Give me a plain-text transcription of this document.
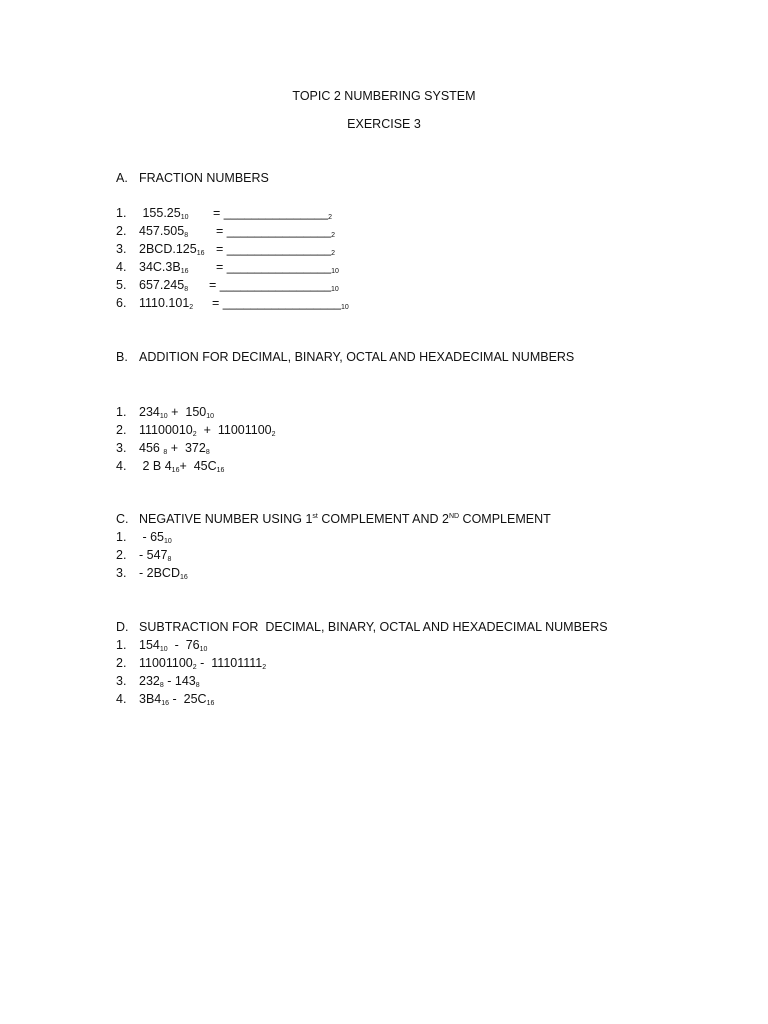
TOPIC 2 NUMBERING SYSTEM
EXERCISE 3
A. FRACTION NUMBERS
1. $155.25_{10}$ = $\_\_\_\_\_\_\_\_\_\_\_\_\_\_\__2$
2. $457.505_8$ = $\_\_\_\_\_\_\_\_\_\_\_\_\_\_\__2$
3. $2BCD.125_{16}$ = $\_\_\_\_\_\_\_\_\_\_\_\_\_\_\__2$
4. $34C.3B_{16}$ = $\_\_\_\_\_\_\_\_\_\_\_\_\_\_\__{10}$
5. $657.245_8$ = $\_\_\_\_\_\_\_\_\_\_\_\_\_\_\_\__{10}$
6. $1110.101_2$ = $\_\_\_\_\_\_\_\_\_\_\_\_\_\_\_\_\__{10}$
B. ADDITION FOR DECIMAL, BINARY, OCTAL AND HEXADECIMAL NUMBERS
1. $234_{10} + 150_{10}$
2. $11100010_2 + 11001100_2$
3. 456 $_8 + 372_8$
4. 2 B $4_{16}+ 45C_{16}$
C. NEGATIVE NUMBER USING 1st COMPLEMENT AND 2ND COMPLEMENT
1. - $65_{10}$
2. - $547_8$
3. - $2BCD_{16}$
D. SUBTRACTION FOR  DECIMAL, BINARY, OCTAL AND HEXADECIMAL NUMBERS
1. $154_{10} - 76_{10}$
2. $11001100_2 - 11101111_2$
3. $232_8 - 143_8$
4. $3B4_{16} - 25C_{16}$
